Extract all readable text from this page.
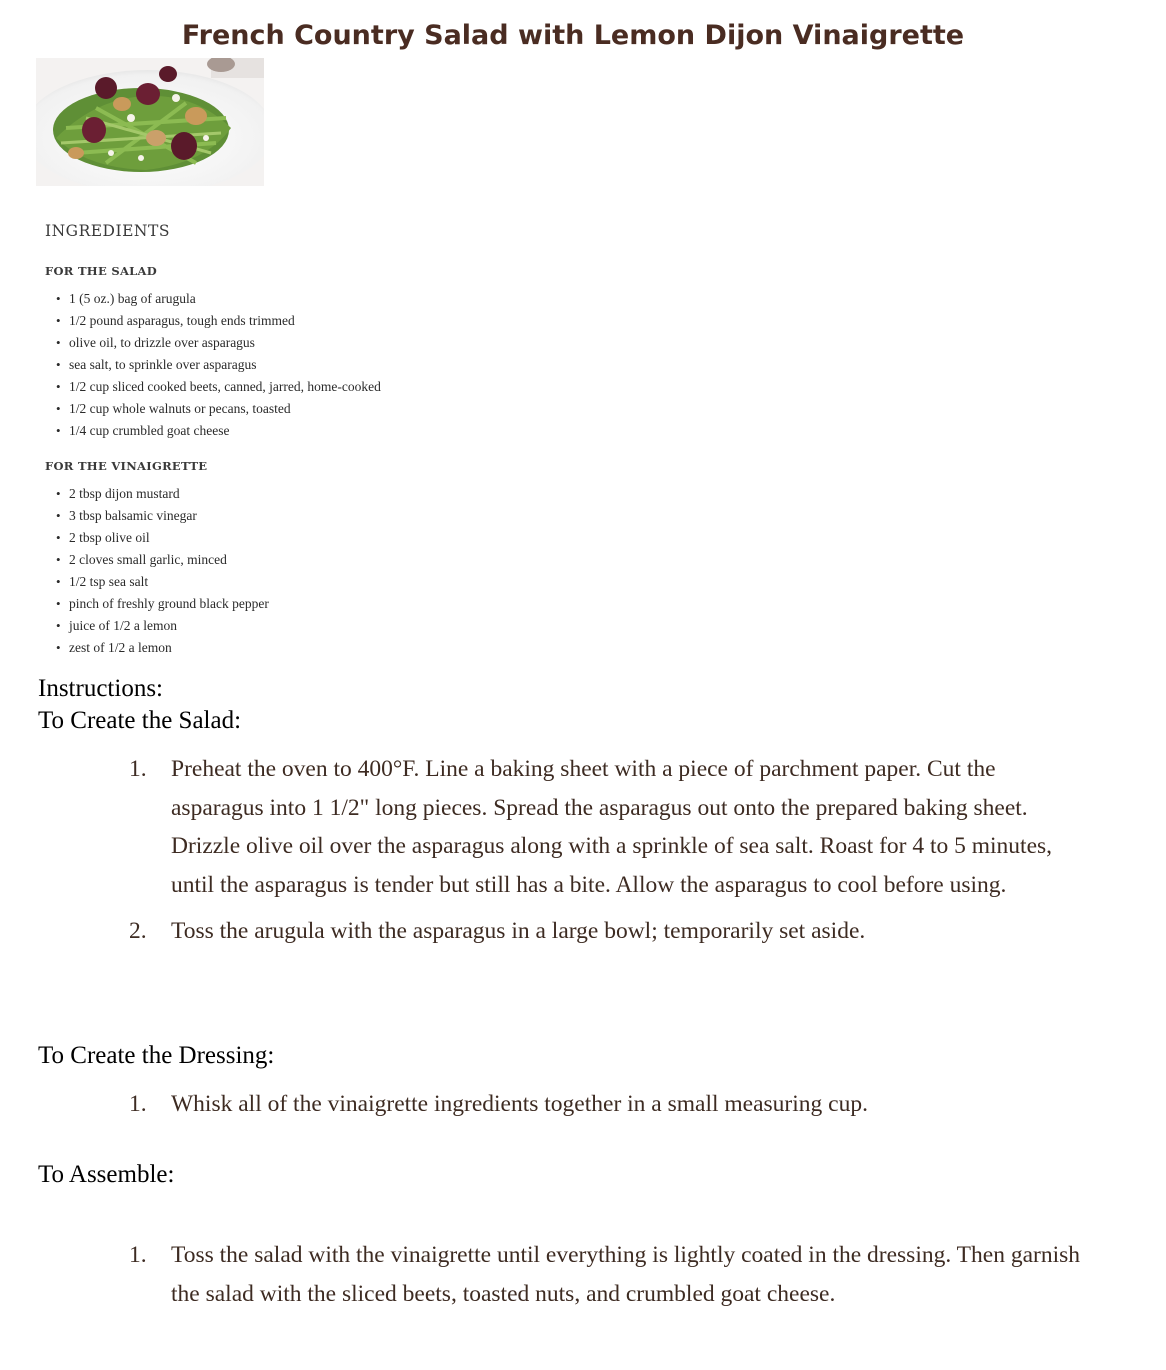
French Country Salad with Lemon Dijon Vinaigrette
INGREDIENTS
FOR THE SALAD
• 1 (5 oz.) bag of arugula
• 1/2 pound asparagus, tough ends trimmed
• olive oil, to drizzle over asparagus
• sea salt, to sprinkle over asparagus
• 1/2 cup sliced cooked beets, canned, jarred, home-cooked
• 1/2 cup whole walnuts or pecans, toasted
• 1/4 cup crumbled goat cheese
FOR THE VINAIGRETTE
• 2 tbsp dijon mustard
• 3 tbsp balsamic vinegar
• 2 tbsp olive oil
• 2 cloves small garlic, minced
• 1/2 tsp sea salt
• pinch of freshly ground black pepper
• juice of 1/2 a lemon
• zest of 1/2 a lemon
Instructions:
To Create the Salad:
1. Preheat the oven to 400°F. Line a baking sheet with a piece of parchment paper. Cut the asparagus into 1 1/2" long pieces. Spread the asparagus out onto the prepared baking sheet. Drizzle olive oil over the asparagus along with a sprinkle of sea salt. Roast for 4 to 5 minutes, until the asparagus is tender but still has a bite. Allow the asparagus to cool before using.
2. Toss the arugula with the asparagus in a large bowl; temporarily set aside.
To Create the Dressing:
1. Whisk all of the vinaigrette ingredients together in a small measuring cup.
To Assemble:
1. Toss the salad with the vinaigrette until everything is lightly coated in the dressing. Then garnish the salad with the sliced beets, toasted nuts, and crumbled goat cheese.
